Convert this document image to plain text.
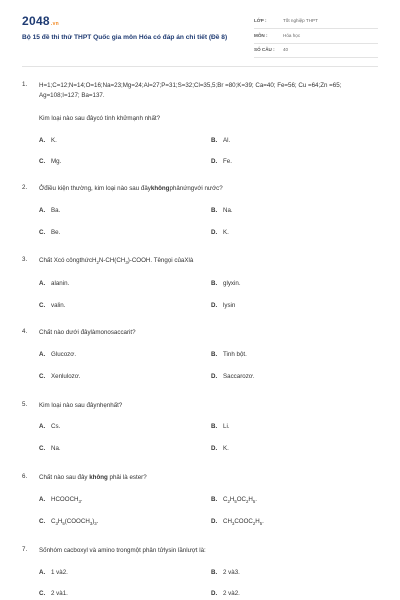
2048.vn
Bộ 15 đề thi thử THPT Quốc gia môn Hóa có đáp án chi tiết (Đề 8)
LỚP :	Tốt nghiệp THPT
MÔN :	Hóa học
SỐ CÂU : 40
1. H=1;C=12;N=14;O=16;Na=23;Mg=24;Al=27;P=31;S=32;Cl=35,5;Br =80;K=39; Ca=40; Fe=56; Cu =64;Zn =65; Ag=108;I=127; Ba=137.
Kim loại nào sau đâycó tính khửmạnh nhất?
A. K.	B. Al.
C. Mg.	D. Fe.
2. Ởđiều kiện thường, kim loại nào sau đâykhôngphảnứngvới nước?
A. Ba.	B. Na.
C. Be.	D. K.
3. Chất Xcó $côngthứcH_2N-CH(CH_3)$-COOH. Têngọi củaXlà
A. alanin.	B. glyxin.
C. valin.	D. lysin
4. Chất nào dưới đâylàmonosaccarit?
A. Glucozơ.	B. Tinh bột.
C. Xenlulozơ.	D. Saccarozơ.
5. Kim loại nào sau đâynhẹnhất?
A. Cs.	B. Li.
C. Na.	D. K.
6. Chất nào sau đây không phải là ester?
A. $HCOOCH_3$.	B. $C_2H_5OC_2H_5$.
C. $C_3H_5(COOCH_3)_3$.	D. $CH_3COOC_2H_5$.
7. Sốnhóm cacboxyl và amino trongmột phân tửlysin lầnlượt là:
A. 1 và2.	B. 2 và3.
C. 2 và1.	D. 2 và2.
